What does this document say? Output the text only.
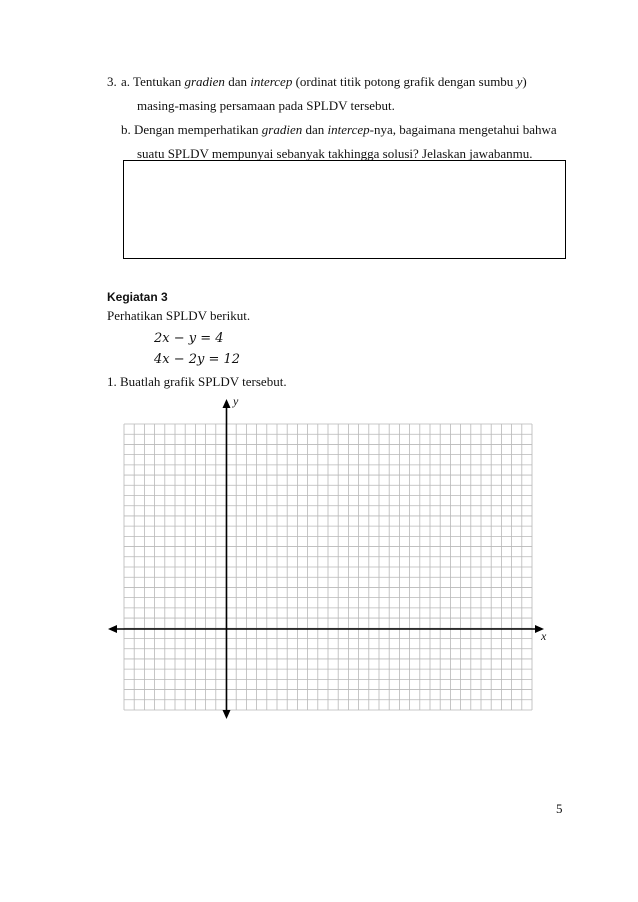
3. a. Tentukan gradien dan intercep (ordinat titik potong grafik dengan sumbu y)
masing-masing persamaan pada SPLDV tersebut.
b. Dengan memperhatikan gradien dan intercep-nya, bagaimana mengetahui bahwa
suatu SPLDV mempunyai sebanyak takhingga solusi? Jelaskan jawabanmu.
Kegiatan 3
Perhatikan SPLDV berikut.
2x − y = 4
4x − 2y = 12
1. Buatlah grafik SPLDV tersebut.
y
x
5
